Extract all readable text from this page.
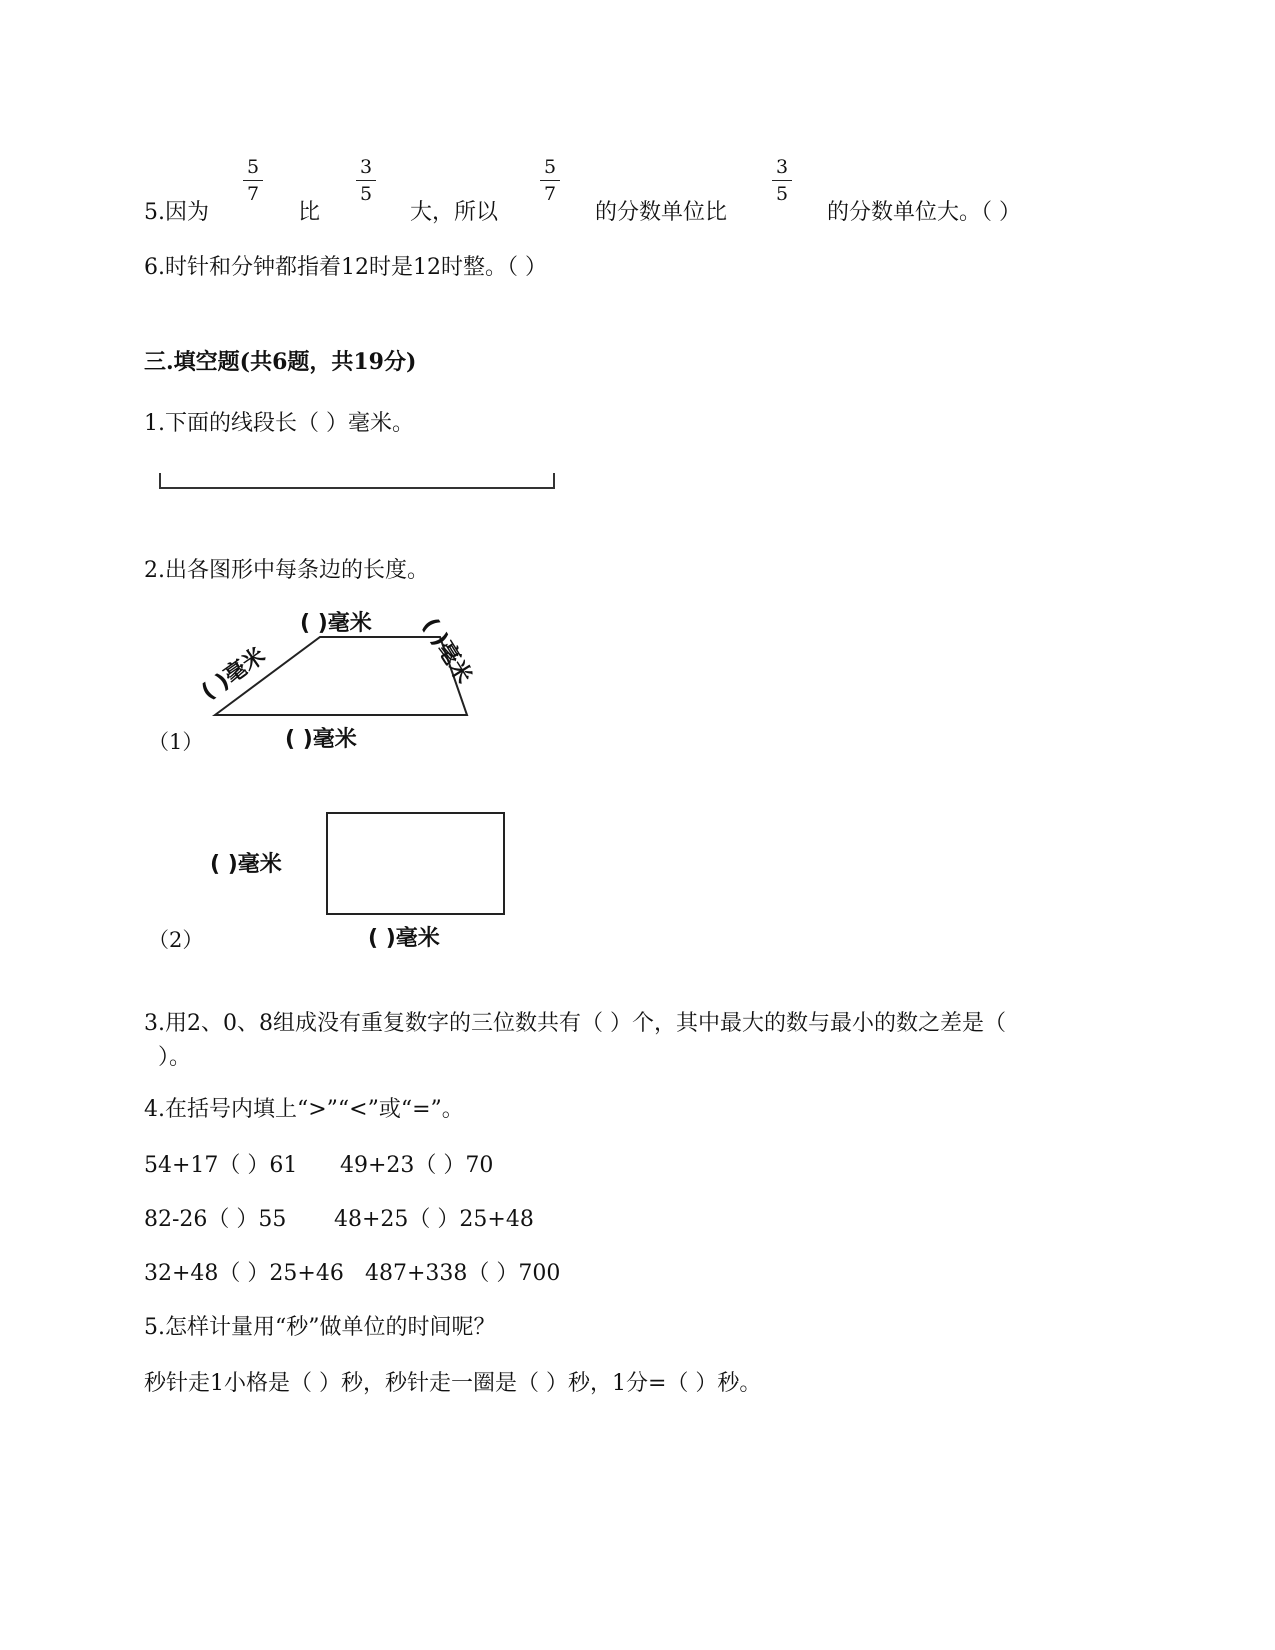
5.因为
5
7
比
3
5
大，所以
5
7
的分数单位比
3
5
的分数单位大。（ ）
6.时针和分钟都指着12时是12时整。（ ）
三.填空题(共6题，共19分)
1.下面的线段长（ ）毫米。
2.出各图形中每条边的长度。
( )毫米
( )毫米	( )毫米
( )毫米
（1）
( )毫米
( )毫米
（2）
3.用2、0、8组成没有重复数字的三位数共有（ ）个，其中最大的数与最小的数之差是（
）。
4.在括号内填上“>”“<”或“=”。
54+17（ ）61 49+23（ ）70
82-26（ ）55 48+25（ ）25+48
32+48（ ）25+46 487+338（ ）700
5.怎样计量用“秒”做单位的时间呢？
秒针走1小格是（ ）秒，秒针走一圈是（ ）秒，1分=（ ）秒。
